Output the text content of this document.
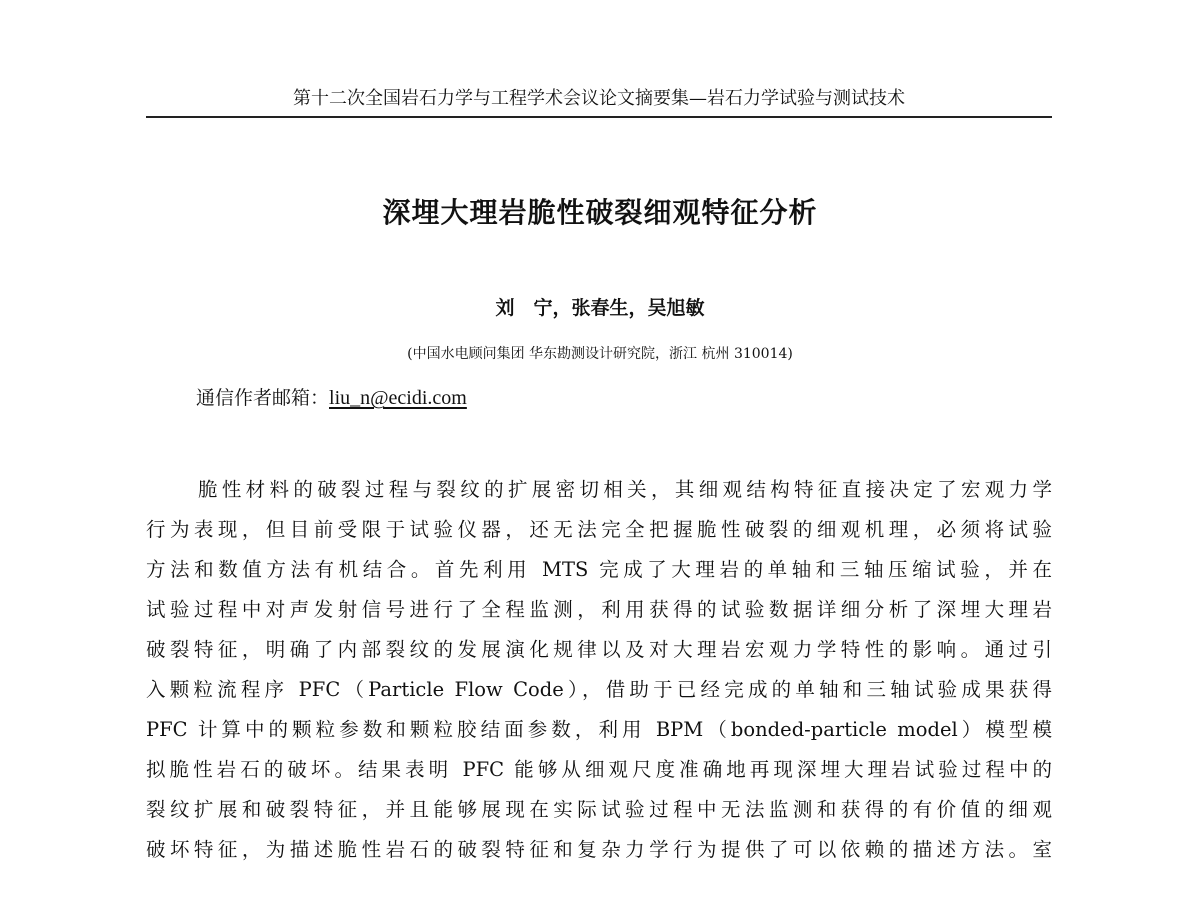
第十二次全国岩石力学与工程学术会议论文摘要集—岩石力学试验与测试技术
深埋大理岩脆性破裂细观特征分析
刘　宁，张春生，吴旭敏
(中国水电顾问集团 华东勘测设计研究院，浙江 杭州 310014)
通信作者邮箱：liu_n@ecidi.com
脆性材料的破裂过程与裂纹的扩展密切相关，其细观结构特征直接决定了宏观力学
行为表现，但目前受限于试验仪器，还无法完全把握脆性破裂的细观机理，必须将试验
方法和数值方法有机结合。首先利用 MTS 完成了大理岩的单轴和三轴压缩试验，并在
试验过程中对声发射信号进行了全程监测，利用获得的试验数据详细分析了深埋大理岩
破裂特征，明确了内部裂纹的发展演化规律以及对大理岩宏观力学特性的影响。通过引
入颗粒流程序 PFC（Particle Flow Code），借助于已经完成的单轴和三轴试验成果获得
PFC 计算中的颗粒参数和颗粒胶结面参数，利用 BPM（bonded-particle model）模型模
拟脆性岩石的破坏。结果表明 PFC 能够从细观尺度准确地再现深埋大理岩试验过程中的
裂纹扩展和破裂特征，并且能够展现在实际试验过程中无法监测和获得的有价值的细观
破坏特征，为描述脆性岩石的破裂特征和复杂力学行为提供了可以依赖的描述方法。室
